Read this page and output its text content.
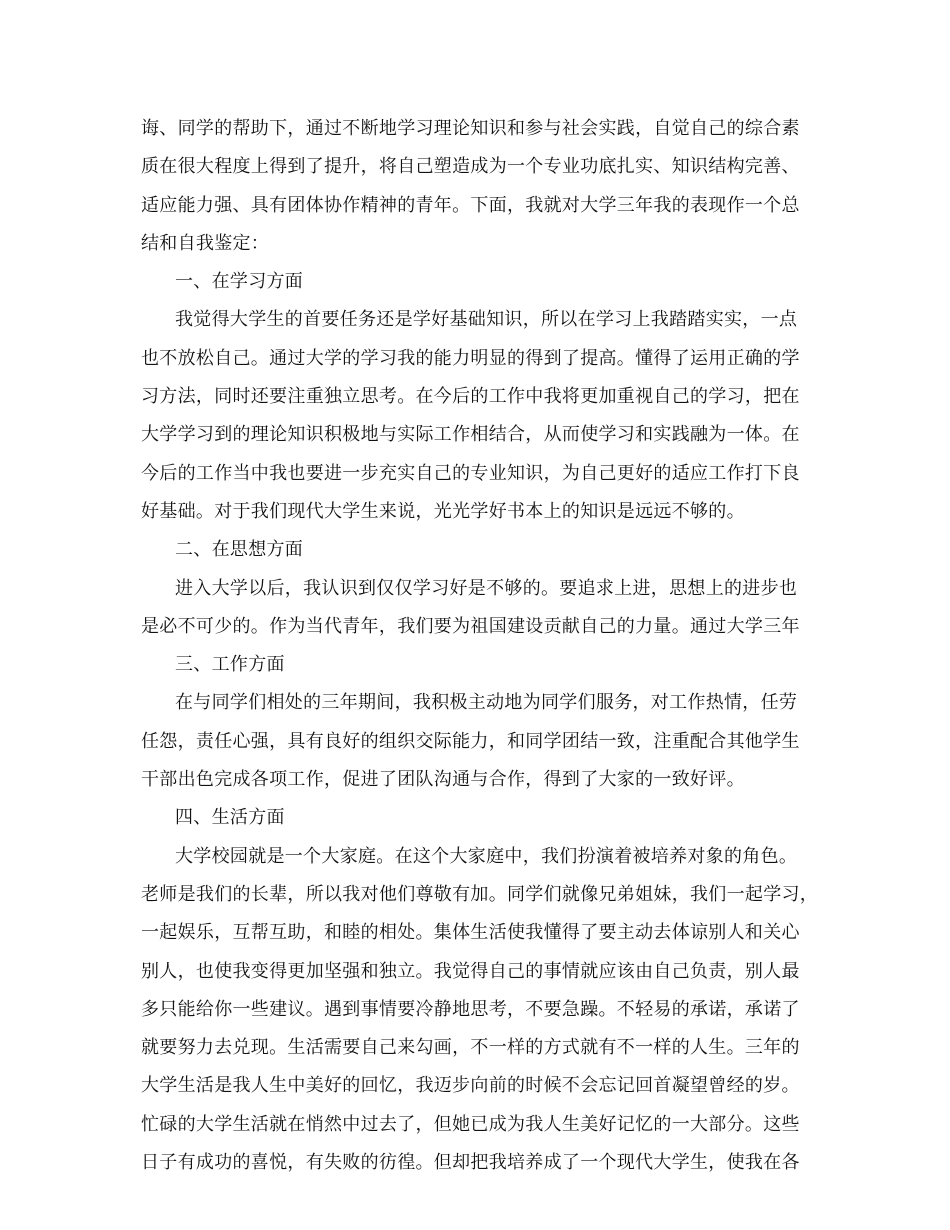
诲、同学的帮助下，通过不断地学习理论知识和参与社会实践，自觉自己的综合素
质在很大程度上得到了提升，将自己塑造成为一个专业功底扎实、知识结构完善、
适应能力强、具有团体协作精神的青年。下面，我就对大学三年我的表现作一个总
结和自我鉴定：
一、在学习方面
我觉得大学生的首要任务还是学好基础知识，所以在学习上我踏踏实实，一点
也不放松自己。通过大学的学习我的能力明显的得到了提高。懂得了运用正确的学
习方法，同时还要注重独立思考。在今后的工作中我将更加重视自己的学习，把在
大学学习到的理论知识积极地与实际工作相结合，从而使学习和实践融为一体。在
今后的工作当中我也要进一步充实自己的专业知识，为自己更好的适应工作打下良
好基础。对于我们现代大学生来说，光光学好书本上的知识是远远不够的。
二、在思想方面
进入大学以后，我认识到仅仅学习好是不够的。要追求上进，思想上的进步也
是必不可少的。作为当代青年，我们要为祖国建设贡献自己的力量。通过大学三年
三、工作方面
在与同学们相处的三年期间，我积极主动地为同学们服务，对工作热情，任劳
任怨，责任心强，具有良好的组织交际能力，和同学团结一致，注重配合其他学生
干部出色完成各项工作，促进了团队沟通与合作，得到了大家的一致好评。
四、生活方面
大学校园就是一个大家庭。在这个大家庭中，我们扮演着被培养对象的角色。
老师是我们的长辈，所以我对他们尊敬有加。同学们就像兄弟姐妹，我们一起学习，
一起娱乐，互帮互助，和睦的相处。集体生活使我懂得了要主动去体谅别人和关心
别人，也使我变得更加坚强和独立。我觉得自己的事情就应该由自己负责，别人最
多只能给你一些建议。遇到事情要冷静地思考，不要急躁。不轻易的承诺，承诺了
就要努力去兑现。生活需要自己来勾画，不一样的方式就有不一样的人生。三年的
大学生活是我人生中美好的回忆，我迈步向前的时候不会忘记回首凝望曾经的岁。
忙碌的大学生活就在悄然中过去了，但她已成为我人生美好记忆的一大部分。这些
日子有成功的喜悦，有失败的彷徨。但却把我培养成了一个现代大学生，使我在各
